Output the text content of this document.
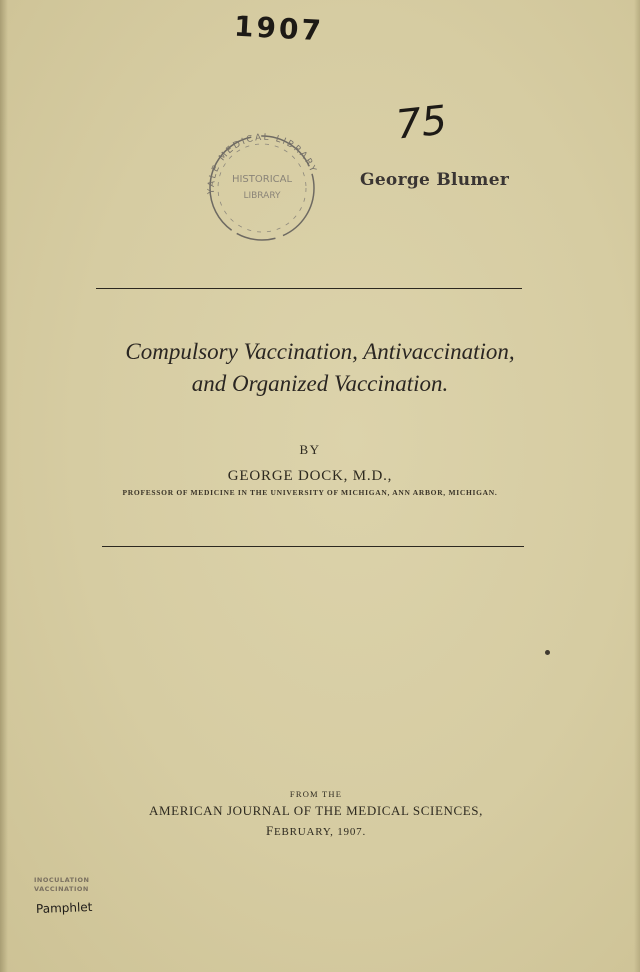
1907
YALE MEDICAL LIBRARY
HISTORICAL
LIBRARY
75
George Blumer
Compulsory Vaccination, Antivaccination,
and Organized Vaccination.
BY
GEORGE DOCK, M.D.,
PROFESSOR OF MEDICINE IN THE UNIVERSITY OF MICHIGAN, ANN ARBOR, MICHIGAN.
FROM THE
AMERICAN JOURNAL OF THE MEDICAL SCIENCES,
FEBRUARY, 1907.
INOCULATION
VACCINATION
Pamphlet
